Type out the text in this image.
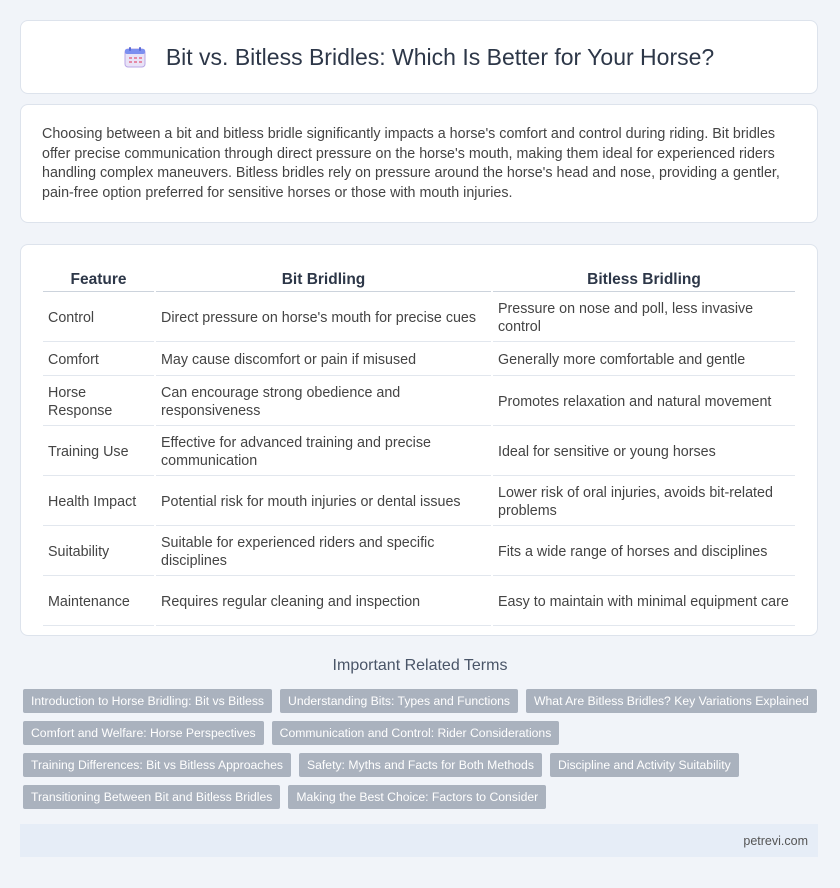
Bit vs. Bitless Bridles: Which Is Better for Your Horse?

Choosing between a bit and bitless bridle significantly impacts a horse's comfort and control during riding. Bit bridles offer precise communication through direct pressure on the horse's mouth, making them ideal for experienced riders handling complex maneuvers. Bitless bridles rely on pressure around the horse's head and nose, providing a gentler, pain-free option preferred for sensitive horses or those with mouth injuries.

Feature	Bit Bridling	Bitless Bridling
Control	Direct pressure on horse's mouth for precise cues	Pressure on nose and poll, less invasive control
Comfort	May cause discomfort or pain if misused	Generally more comfortable and gentle
Horse Response	Can encourage strong obedience and responsiveness	Promotes relaxation and natural movement
Training Use	Effective for advanced training and precise communication	Ideal for sensitive or young horses
Health Impact	Potential risk for mouth injuries or dental issues	Lower risk of oral injuries, avoids bit-related problems
Suitability	Suitable for experienced riders and specific disciplines	Fits a wide range of horses and disciplines
Maintenance	Requires regular cleaning and inspection	Easy to maintain with minimal equipment care
Important Related Terms
Introduction to Horse Bridling: Bit vs Bitless	Understanding Bits: Types and Functions	What Are Bitless Bridles? Key Variations Explained
Comfort and Welfare: Horse Perspectives	Communication and Control: Rider Considerations
Training Differences: Bit vs Bitless Approaches	Safety: Myths and Facts for Both Methods	Discipline and Activity Suitability
Transitioning Between Bit and Bitless Bridles	Making the Best Choice: Factors to Consider
petrevi.com
